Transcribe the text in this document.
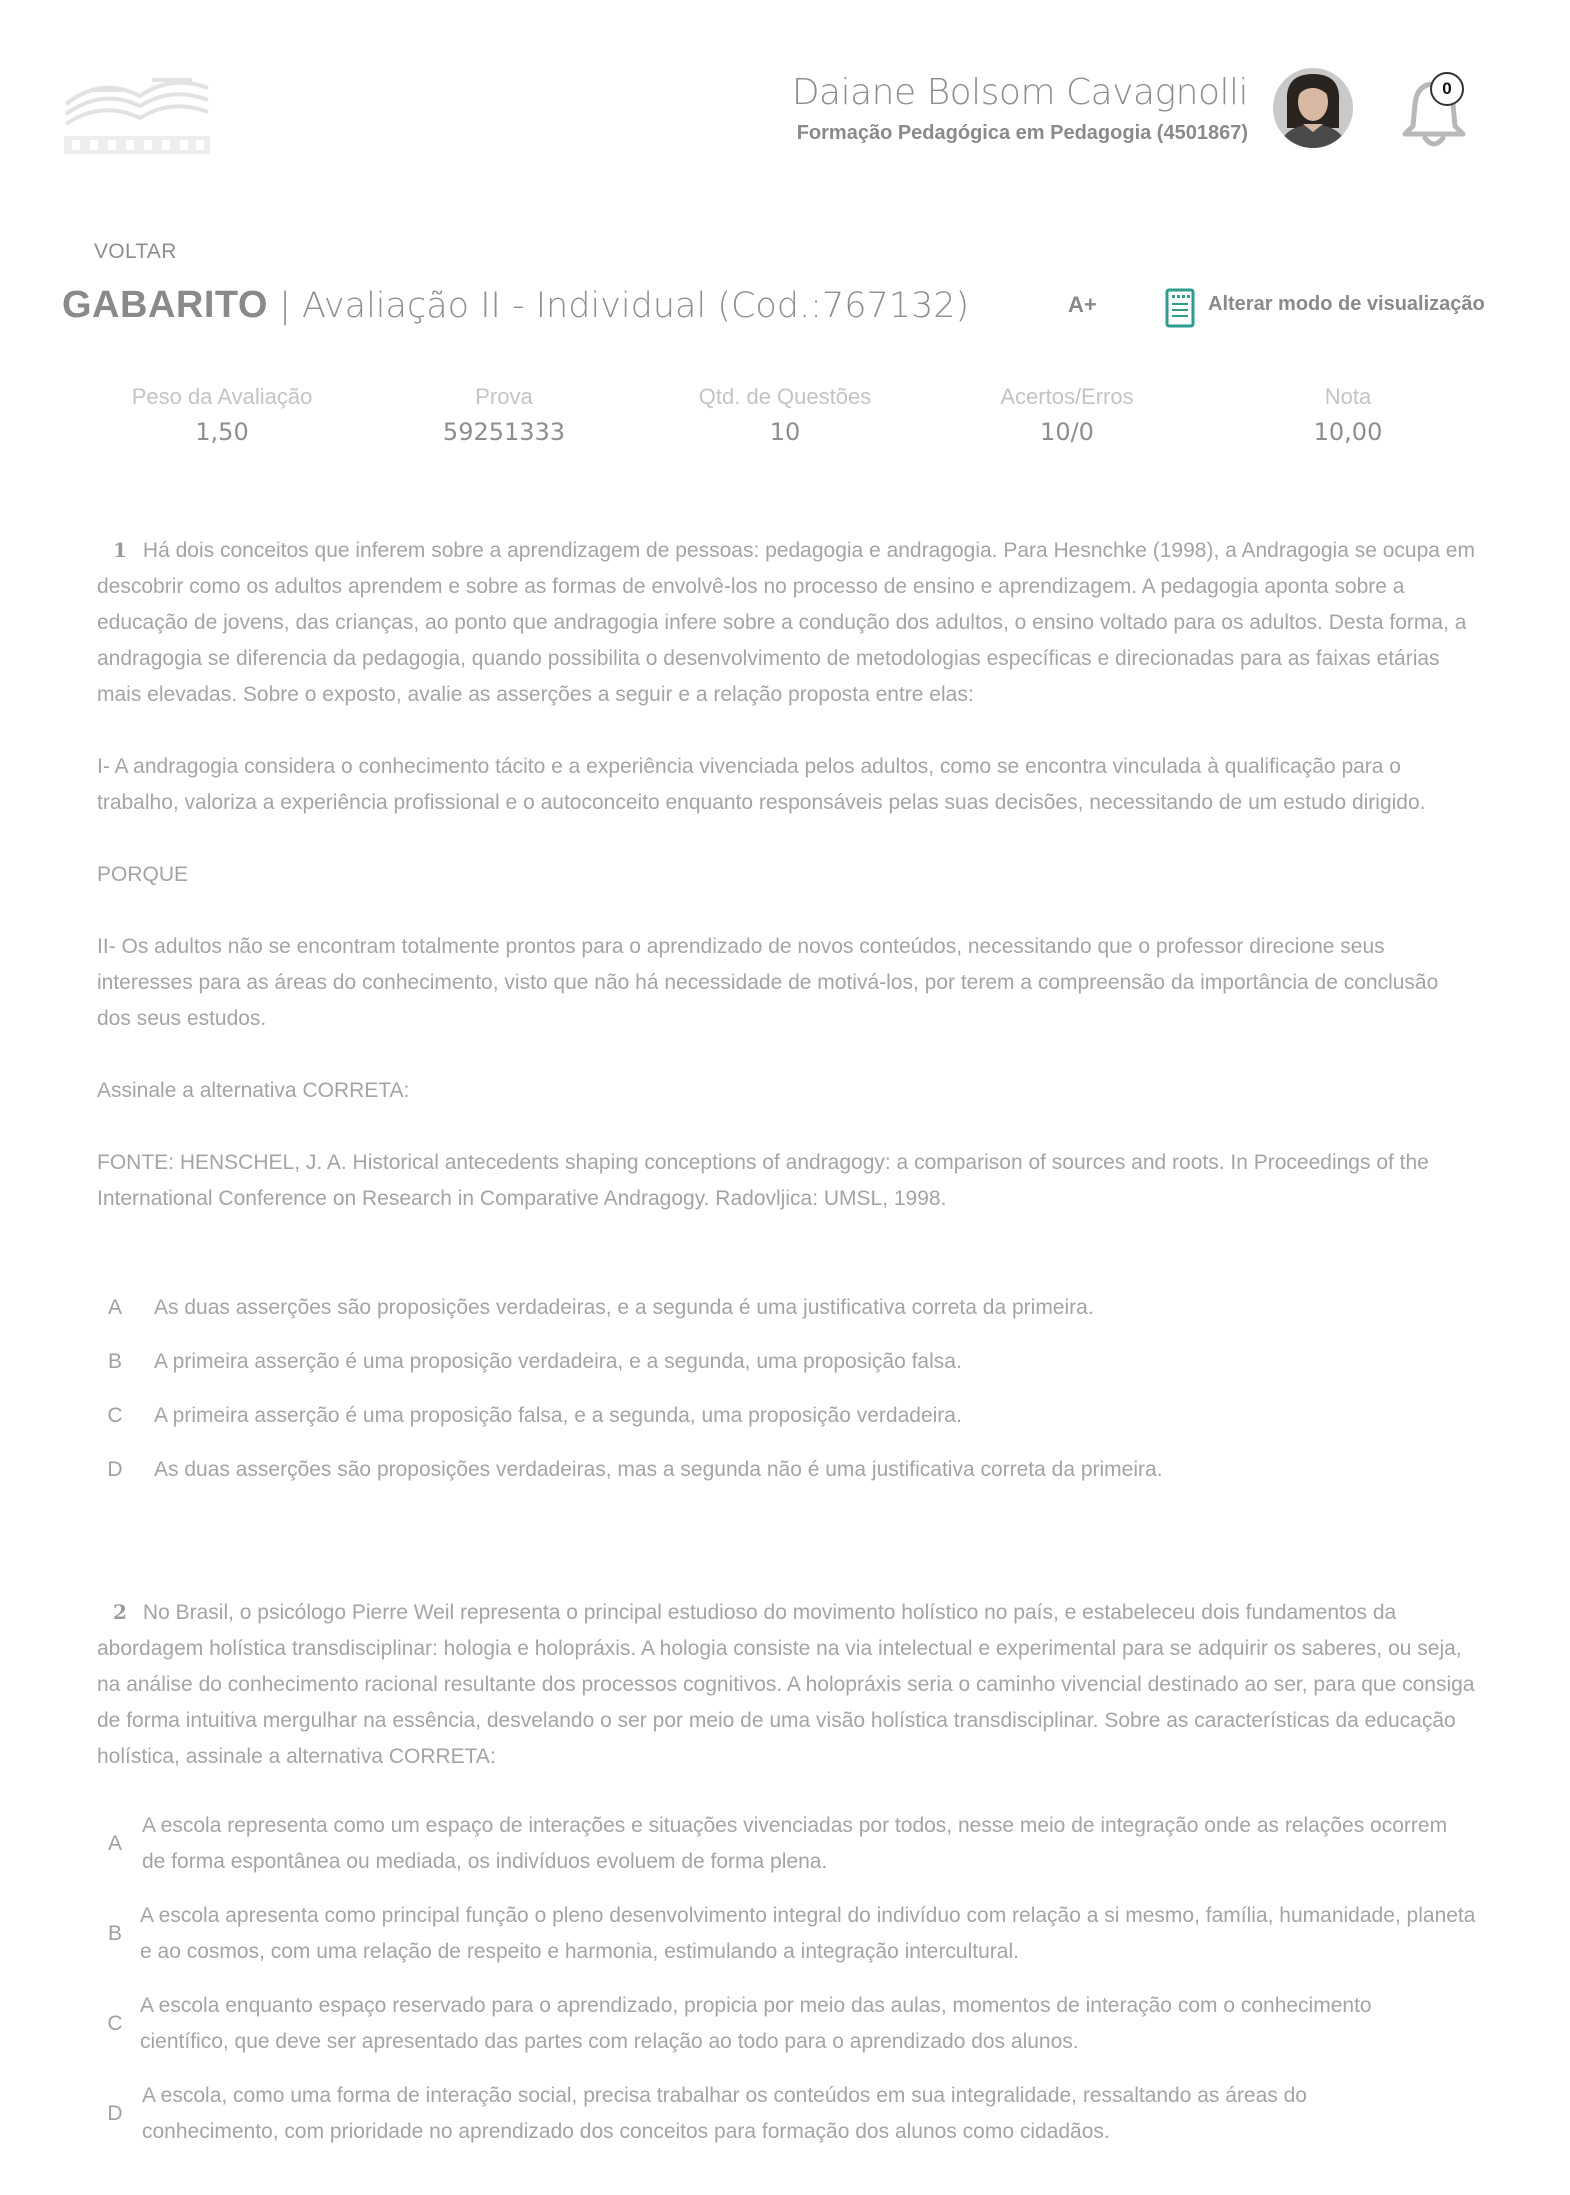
Daiane Bolsom Cavagnolli
Formação Pedagógica em Pedagogia (4501867)
0
VOLTAR
GABARITO | Avaliação II - Individual (Cod.:767132)	A+	Alterar modo de visualização
Peso da Avaliação
1,50
Prova
59251333
Qtd. de Questões
10
Acertos/Erros
10/0
Nota
10,00

1 Há dois conceitos que inferem sobre a aprendizagem de pessoas: pedagogia e andragogia. Para Hesnchke (1998), a Andragogia se ocupa em descobrir como os adultos aprendem e sobre as formas de envolvê-los no processo de ensino e aprendizagem. A pedagogia aponta sobre a educação de jovens, das crianças, ao ponto que andragogia infere sobre a condução dos adultos, o ensino voltado para os adultos. Desta forma, a andragogia se diferencia da pedagogia, quando possibilita o desenvolvimento de metodologias específicas e direcionadas para as faixas etárias mais elevadas. Sobre o exposto, avalie as asserções a seguir e a relação proposta entre elas:

I- A andragogia considera o conhecimento tácito e a experiência vivenciada pelos adultos, como se encontra vinculada à qualificação para o trabalho, valoriza a experiência profissional e o autoconceito enquanto responsáveis pelas suas decisões, necessitando de um estudo dirigido.

PORQUE

II- Os adultos não se encontram totalmente prontos para o aprendizado de novos conteúdos, necessitando que o professor direcione seus interesses para as áreas do conhecimento, visto que não há necessidade de motivá-los, por terem a compreensão da importância de conclusão dos seus estudos.

Assinale a alternativa CORRETA:

FONTE: HENSCHEL, J. A. Historical antecedents shaping conceptions of andragogy: a comparison of sources and roots. In Proceedings of the International Conference on Research in Comparative Andragogy. Radovljica: UMSL, 1998.

A	As duas asserções são proposições verdadeiras, e a segunda é uma justificativa correta da primeira.
B	A primeira asserção é uma proposição verdadeira, e a segunda, uma proposição falsa.
C	A primeira asserção é uma proposição falsa, e a segunda, uma proposição verdadeira.
D	As duas asserções são proposições verdadeiras, mas a segunda não é uma justificativa correta da primeira.

2 No Brasil, o psicólogo Pierre Weil representa o principal estudioso do movimento holístico no país, e estabeleceu dois fundamentos da abordagem holística transdisciplinar: hologia e holopráxis. A hologia consiste na via intelectual e experimental para se adquirir os saberes, ou seja, na análise do conhecimento racional resultante dos processos cognitivos. A holopráxis seria o caminho vivencial destinado ao ser, para que consiga de forma intuitiva mergulhar na essência, desvelando o ser por meio de uma visão holística transdisciplinar. Sobre as características da educação holística, assinale a alternativa CORRETA:

A
A escola representa como um espaço de interações e situações vivenciadas por todos, nesse meio de integração onde as relações ocorrem de forma espontânea ou mediada, os indivíduos evoluem de forma plena.
B
A escola apresenta como principal função o pleno desenvolvimento integral do indivíduo com relação a si mesmo, família, humanidade, planeta e ao cosmos, com uma relação de respeito e harmonia, estimulando a integração intercultural.
C
A escola enquanto espaço reservado para o aprendizado, propicia por meio das aulas, momentos de interação com o conhecimento científico, que deve ser apresentado das partes com relação ao todo para o aprendizado dos alunos.
D
A escola, como uma forma de interação social, precisa trabalhar os conteúdos em sua integralidade, ressaltando as áreas do conhecimento, com prioridade no aprendizado dos conceitos para formação dos alunos como cidadãos.
